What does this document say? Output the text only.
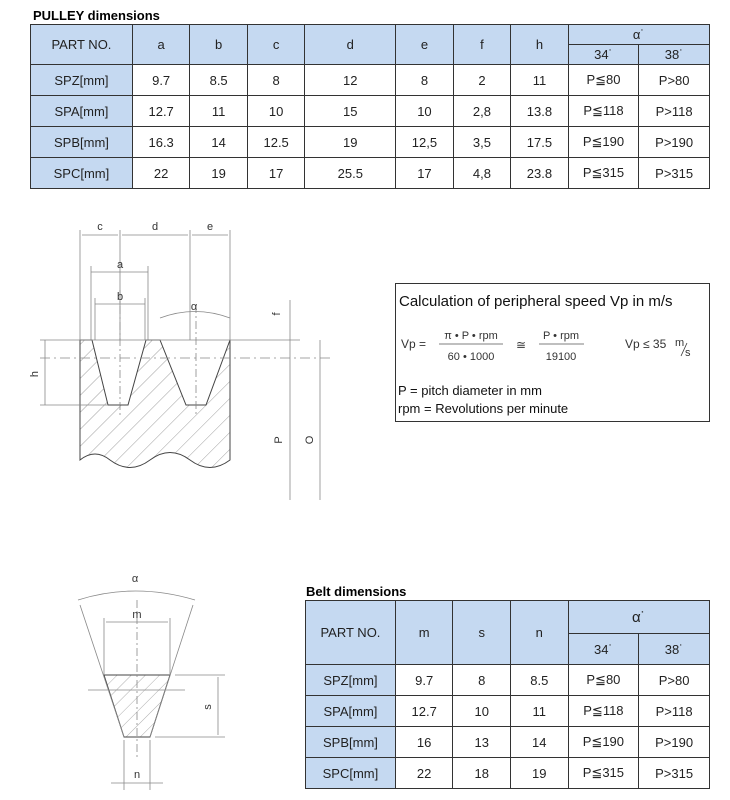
PULLEY dimensions
PART NO.	a	b	c	d	e	f	h	α˙	
								34˙	38˙
SPZ[mm]	9.7	8.5	8	12	8	2	11	P≦80	P>80
SPA[mm]	12.7	11	10	15	10	2,8	13.8	P≦118	P>118
SPB[mm]	16.3	14	12.5	19	12,5	3,5	17.5	P≦190	P>190
SPC[mm]	22	19	17	25.5	17	4,8	23.8	P≦315	P>315
c	d	e
a
b
α
f
h
P O
Calculation of peripheral speed Vp in m/s
Vp =
π • P • rpm
60 • 1000
≅
P • rpm
19100
Vp ≤ 35 m
s
P = pitch diameter in mm
rpm = Revolutions per minute
α
m
s
n
Belt dimensions
PART NO.	m	s	n	α˙	
				34˙	38˙
SPZ[mm]	9.7	8	8.5	P≦80	P>80
SPA[mm]	12.7	10	11	P≦118	P>118
SPB[mm]	16	13	14	P≦190	P>190
SPC[mm]	22	18	19	P≦315	P>315
